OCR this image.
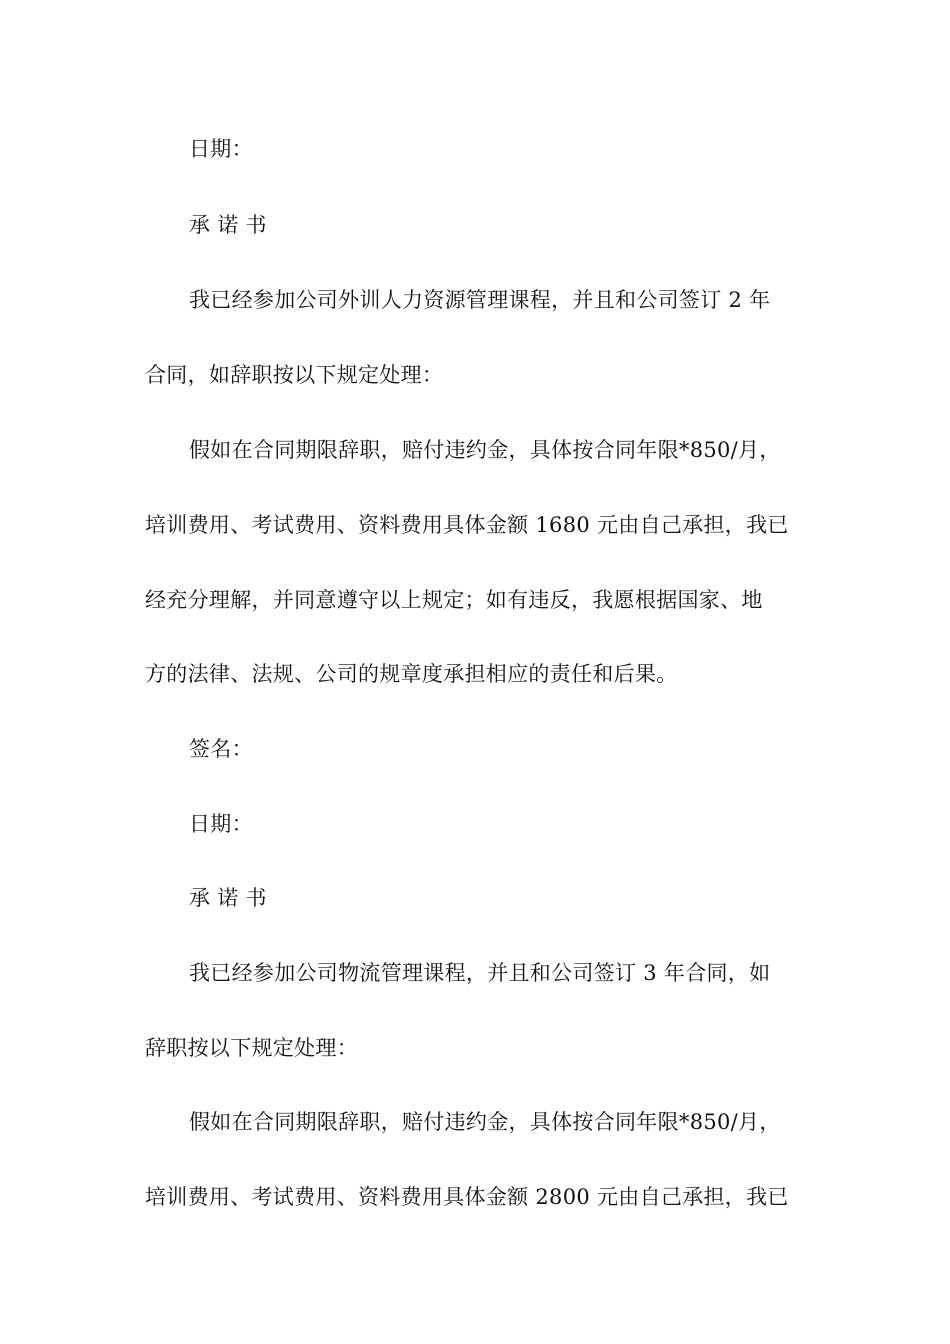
日期：
承 诺 书
我已经参加公司外训人力资源管理课程，并且和公司签订 2 年
合同，如辞职按以下规定处理：
假如在合同期限辞职，赔付违约金，具体按合同年限*850/月，
培训费用、考试费用、资料费用具体金额 1680 元由自己承担，我已
经充分理解，并同意遵守以上规定；如有违反，我愿根据国家、地
方的法律、法规、公司的规章度承担相应的责任和后果。
签名：
日期：
承 诺 书
我已经参加公司物流管理课程，并且和公司签订 3 年合同，如
辞职按以下规定处理：
假如在合同期限辞职，赔付违约金，具体按合同年限*850/月，
培训费用、考试费用、资料费用具体金额 2800 元由自己承担，我已
